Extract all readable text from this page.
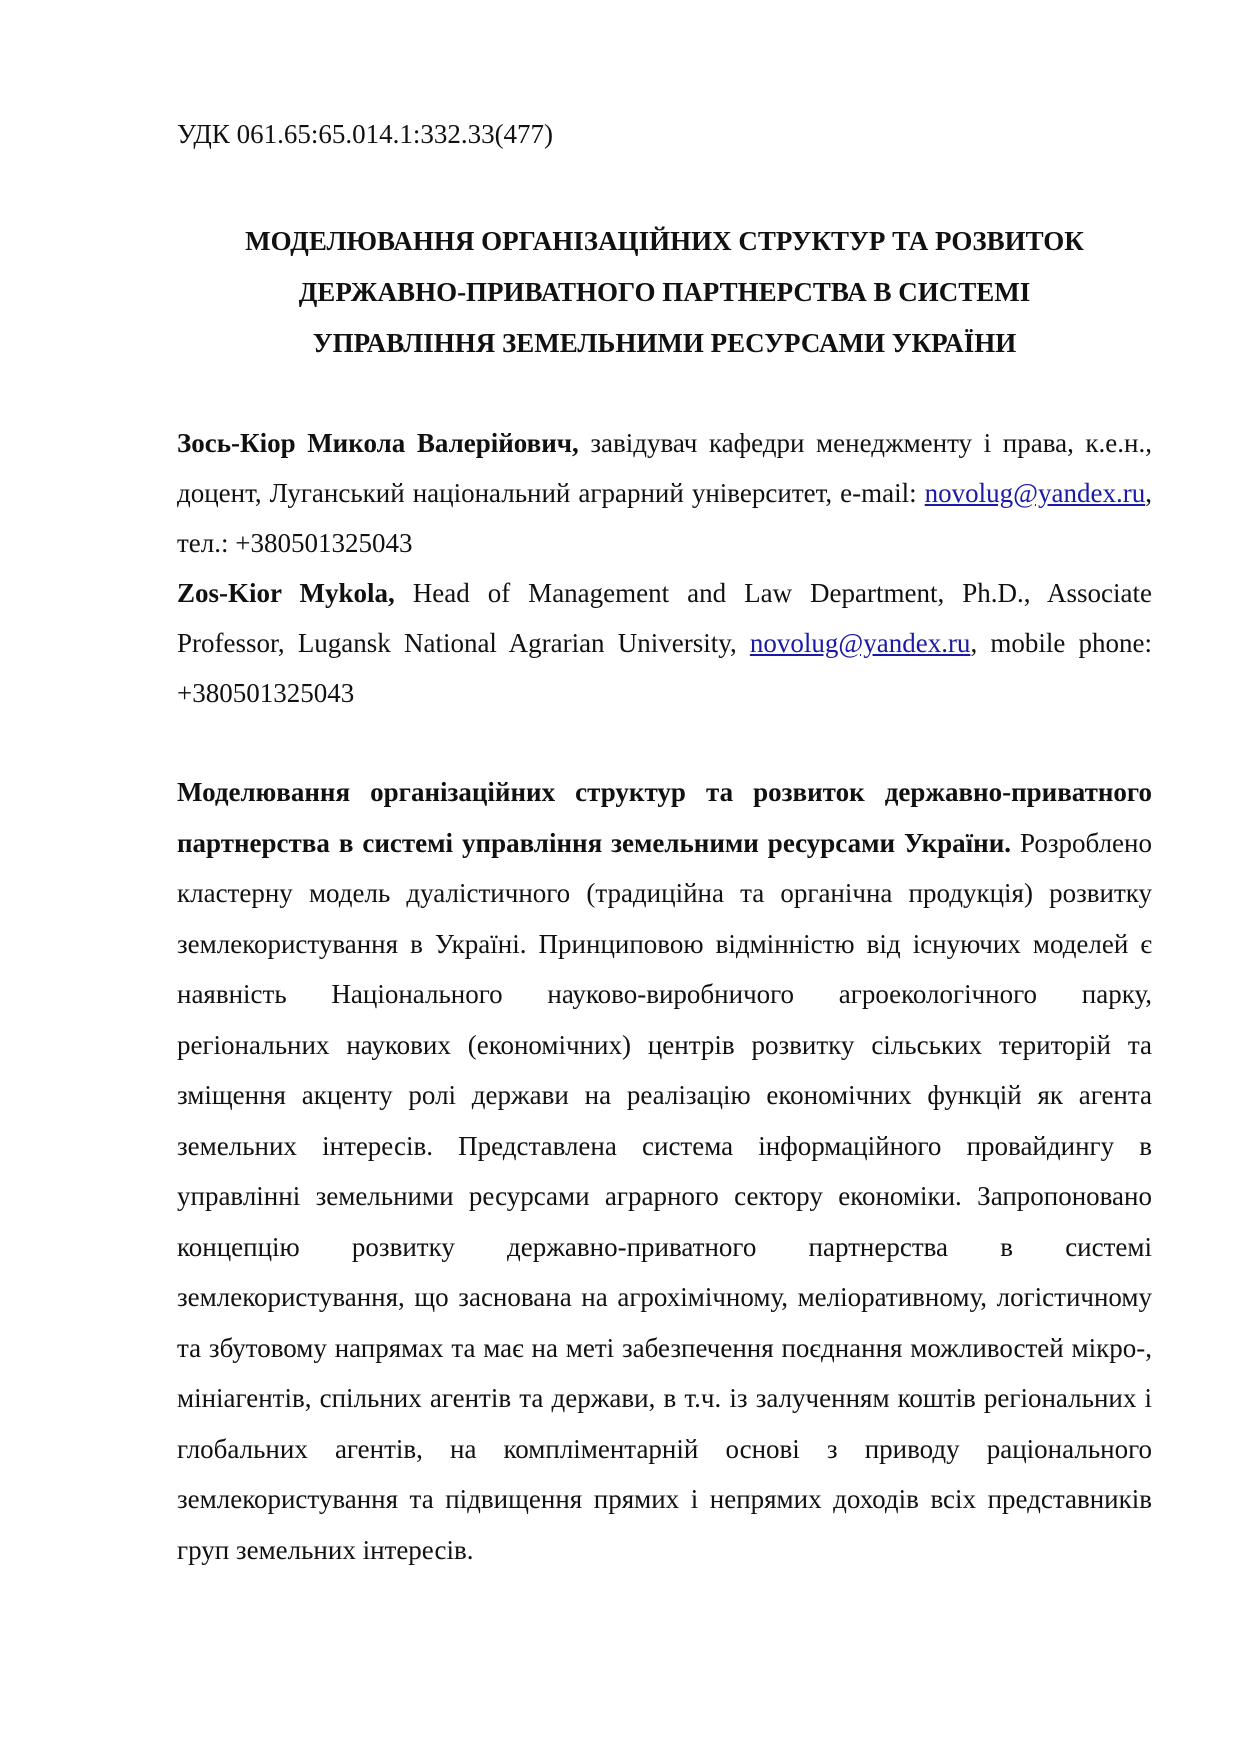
УДК 061.65:65.014.1:332.33(477)
МОДЕЛЮВАННЯ ОРГАНІЗАЦІЙНИХ СТРУКТУР ТА РОЗВИТОК
ДЕРЖАВНО-ПРИВАТНОГО ПАРТНЕРСТВА В СИСТЕМІ
УПРАВЛІННЯ ЗЕМЕЛЬНИМИ РЕСУРСАМИ УКРАЇНИ
Зось-Кіор Микола Валерійович, завідувач кафедри менеджменту і права, к.е.н., доцент, Луганський національний аграрний університет, e-mail: novolug@yandex.ru, тел.: +380501325043
Zos-Kior Mykola, Head of Management and Law Department, Ph.D., Associate Professor, Lugansk National Agrarian University, novolug@yandex.ru, mobile phone: +380501325043
Моделювання організаційних структур та розвиток державно-приватного партнерства в системі управління земельними ресурсами України. Розроблено кластерну модель дуалістичного (традиційна та органічна продукція) розвитку землекористування в Україні. Принциповою відмінністю від існуючих моделей є наявність Національного науково-виробничого агроекологічного парку, регіональних наукових (економічних) центрів розвитку сільських територій та зміщення акценту ролі держави на реалізацію економічних функцій як агента земельних інтересів. Представлена система інформаційного провайдингу в управлінні земельними ресурсами аграрного сектору економіки. Запропоновано концепцію розвитку державно-приватного партнерства в системі землекористування, що заснована на агрохімічному, меліоративному, логістичному та збутовому напрямах та має на меті забезпечення поєднання можливостей мікро-, мініагентів, спільних агентів та держави, в т.ч. із залученням коштів регіональних і глобальних агентів, на компліментарній основі з приводу раціонального землекористування та підвищення прямих і непрямих доходів всіх представників груп земельних інтересів.
